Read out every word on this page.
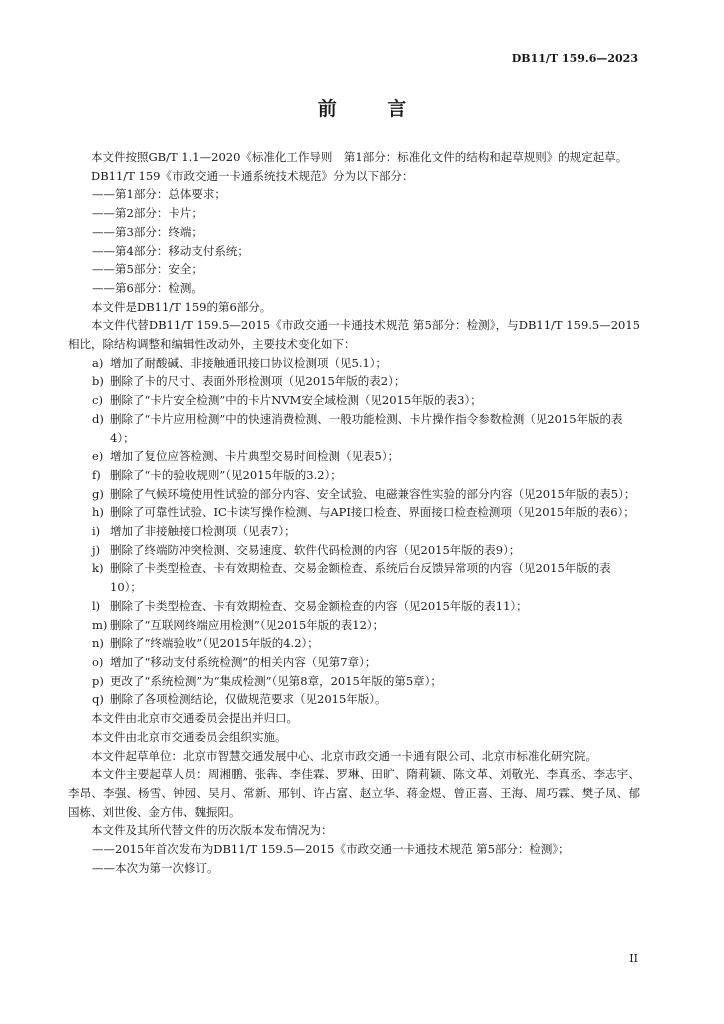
DB11/T 159.6—2023
前 言
本文件按照GB/T 1.1—2020《标准化工作导则　第1部分：标准化文件的结构和起草规则》的规定起草。
DB11/T 159《市政交通一卡通系统技术规范》分为以下部分：
——第1部分：总体要求；
——第2部分：卡片；
——第3部分：终端；
——第4部分：移动支付系统；
——第5部分：安全；
——第6部分：检测。
本文件是DB11/T 159的第6部分。
本文件代替DB11/T 159.5—2015《市政交通一卡通技术规范 第5部分：检测》，与DB11/T 159.5—2015相比，除结构调整和编辑性改动外，主要技术变化如下：
a) 增加了耐酸碱、非接触通讯接口协议检测项（见5.1）；
b) 删除了卡的尺寸、表面外形检测项（见2015年版的表2）；
c) 删除了“卡片安全检测”中的卡片NVM安全域检测（见2015年版的表3）；
d) 删除了“卡片应用检测”中的快速消费检测、一般功能检测、卡片操作指令参数检测（见2015年版的表4）；
e) 增加了复位应答检测、卡片典型交易时间检测（见表5）；
f) 删除了“卡的验收规则”（见2015年版的3.2）；
g) 删除了气候环境使用性试验的部分内容、安全试验、电磁兼容性实验的部分内容（见2015年版的表5）；
h) 删除了可靠性试验、IC卡读写操作检测、与API接口检查、界面接口检查检测项（见2015年版的表6）；
i) 增加了非接触接口检测项（见表7）；
j) 删除了终端防冲突检测、交易速度、软件代码检测的内容（见2015年版的表9）；
k) 删除了卡类型检查、卡有效期检查、交易金额检查、系统后台反馈异常项的内容（见2015年版的表10）；
l) 删除了卡类型检查、卡有效期检查、交易金额检查的内容（见2015年版的表11）；
m) 删除了“互联网终端应用检测”（见2015年版的表12）；
n) 删除了“终端验收”（见2015年版的4.2）；
o) 增加了“移动支付系统检测”的相关内容（见第7章）；
p) 更改了“系统检测”为“集成检测”（见第8章，2015年版的第5章）；
q) 删除了各项检测结论，仅做规范要求（见2015年版）。
本文件由北京市交通委员会提出并归口。
本文件由北京市交通委员会组织实施。
本文件起草单位：北京市智慧交通发展中心、北京市政交通一卡通有限公司、北京市标准化研究院。
本文件主要起草人员：周湘鹏、张犇、李佳霖、罗琳、田旷、隋莉颖、陈文革、刘敬光、李真丞、李志宇、李昂、李强、杨雪、钟园、吴月、常新、邢钊、许占富、赵立华、蒋金煜、曾正喜、王海、周巧霖、樊子凤、郁国栋、刘世俊、金方伟、魏振阳。
本文件及其所代替文件的历次版本发布情况为：
——2015年首次发布为DB11/T 159.5—2015《市政交通一卡通技术规范 第5部分：检测》；
——本次为第一次修订。
II
